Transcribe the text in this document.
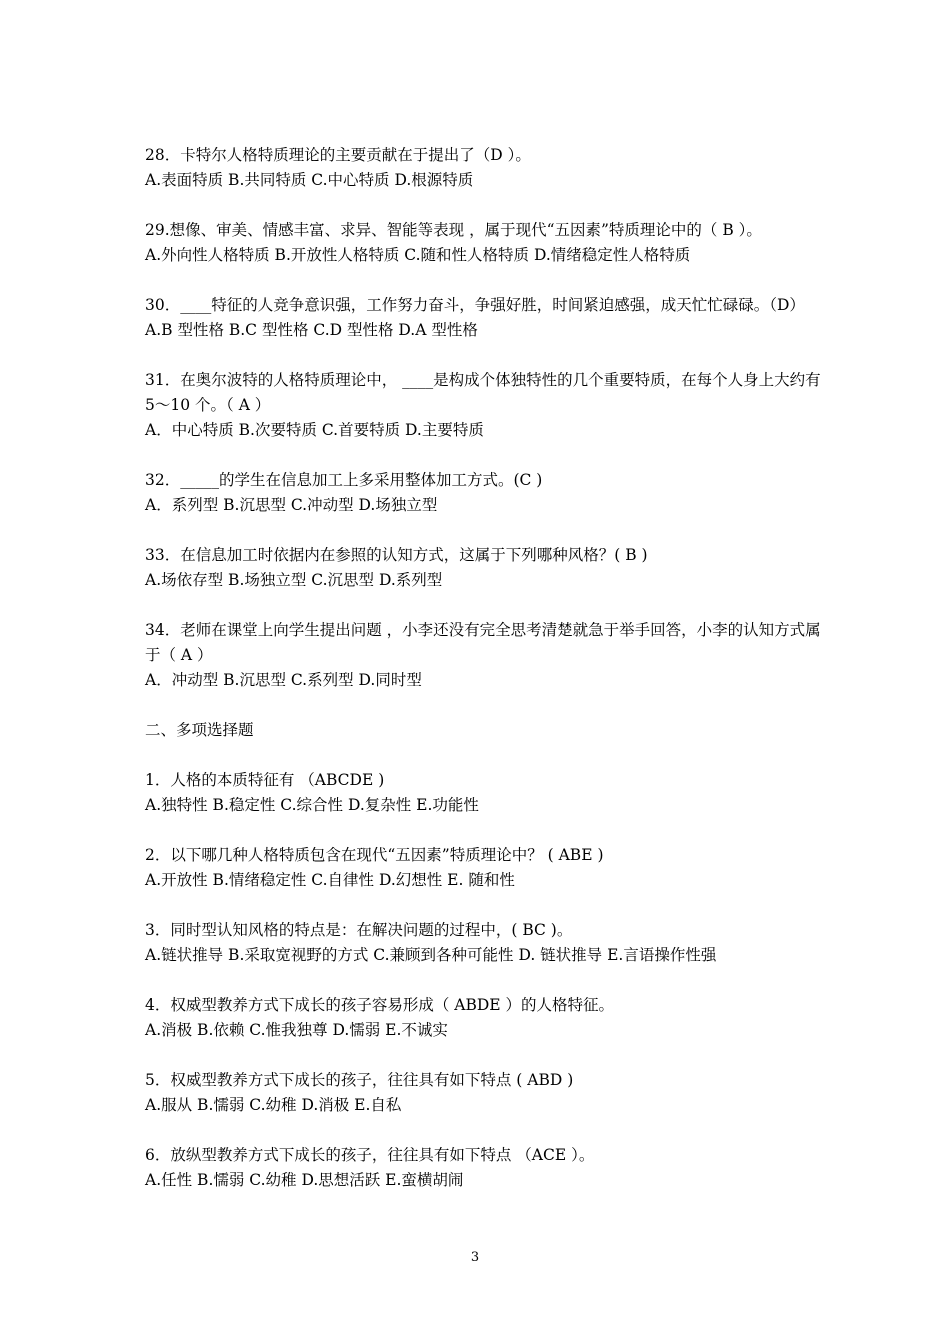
28．卡特尔人格特质理论的主要贡献在于提出了（D ）。
A.表面特质 B.共同特质 C.中心特质 D.根源特质
29.想像、审美、情感丰富、求异、智能等表现 ，属于现代“五因素”特质理论中的（ B ）。
A.外向性人格特质 B.开放性人格特质 C.随和性人格特质 D.情绪稳定性人格特质
30．____特征的人竞争意识强，工作努力奋斗，争强好胜，时间紧迫感强，成天忙忙碌碌。（D）
A.B 型性格 B.C 型性格 C.D 型性格 D.A 型性格
31．在奥尔波特的人格特质理论中， ____是构成个体独特性的几个重要特质，在每个人身上大约有 5～10 个。（ A ）
A．中心特质 B.次要特质 C.首要特质 D.主要特质
32．_____的学生在信息加工上多采用整体加工方式。(C )
A．系列型 B.沉思型 C.冲动型 D.场独立型
33．在信息加工时依据内在参照的认知方式，这属于下列哪种风格？( B )
A.场依存型 B.场独立型 C.沉思型 D.系列型
34．老师在课堂上向学生提出问题 ，小李还没有完全思考清楚就急于举手回答，小李的认知方式属于（ A ）
A．冲动型 B.沉思型 C.系列型 D.同时型
二、多项选择题
1．人格的本质特征有 （ABCDE )
A.独特性 B.稳定性 C.综合性 D.复杂性 E.功能性
2．以下哪几种人格特质包含在现代“五因素”特质理论中？ ( ABE )
A.开放性 B.情绪稳定性 C.自律性 D.幻想性 E. 随和性
3．同时型认知风格的特点是：在解决问题的过程中，( BC )。
A.链状推导 B.采取宽视野的方式 C.兼顾到各种可能性 D. 链状推导 E.言语操作性强
4．权威型教养方式下成长的孩子容易形成（ ABDE ）的人格特征。
A.消极 B.依赖 C.惟我独尊 D.懦弱 E.不诚实
5．权威型教养方式下成长的孩子，往往具有如下特点 ( ABD )
A.服从 B.懦弱 C.幼稚 D.消极 E.自私
6．放纵型教养方式下成长的孩子，往往具有如下特点 （ACE ）。
A.任性 B.懦弱 C.幼稚 D.思想活跃 E.蛮横胡闹
3
